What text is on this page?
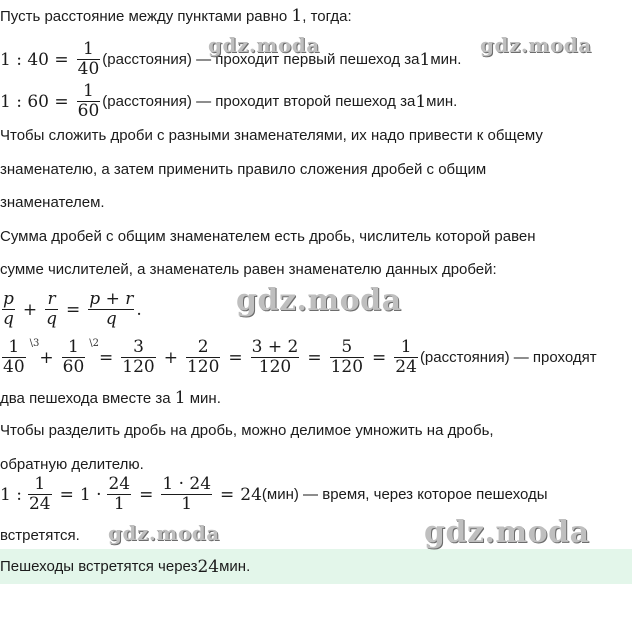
Пусть расстояние между пунктами равно 1, тогда:
1 : 40 =
1
40 (расстояния) — проходит первый пешеход за 1 мин.
1 : 60 =
1
60 (расстояния) — проходит второй пешеход за 1 мин.
Чтобы сложить дроби с разными знаменателями, их надо привести к общему
знаменателю, а затем применить правило сложения дробей с общим
знаменателем.
Сумма дробей с общим знаменателем есть дробь, числитель которой равен
сумме числителей, а знаменатель равен знаменателю данных дробей:
p
q +
r
q =
p + r
q .
1
40
\3
+
1
60
\2
=
3
120 +
2
120 =
3 + 2
120 =
5
120 =
1
24 (расстояния) — проходят
два пешехода вместе за 1 мин.
Чтобы разделить дробь на дробь, можно делимое умножить на дробь,
обратную делителю.
1 :
1
24 = 1 ·
24
1 =
1 · 24
1 = 24 (мин) — время, через которое пешеходы
встретятся.
Пешеходы встретятся через 24 мин.
gdz.moda	gdz.moda
gdz.moda
gdz.moda	gdz.moda
